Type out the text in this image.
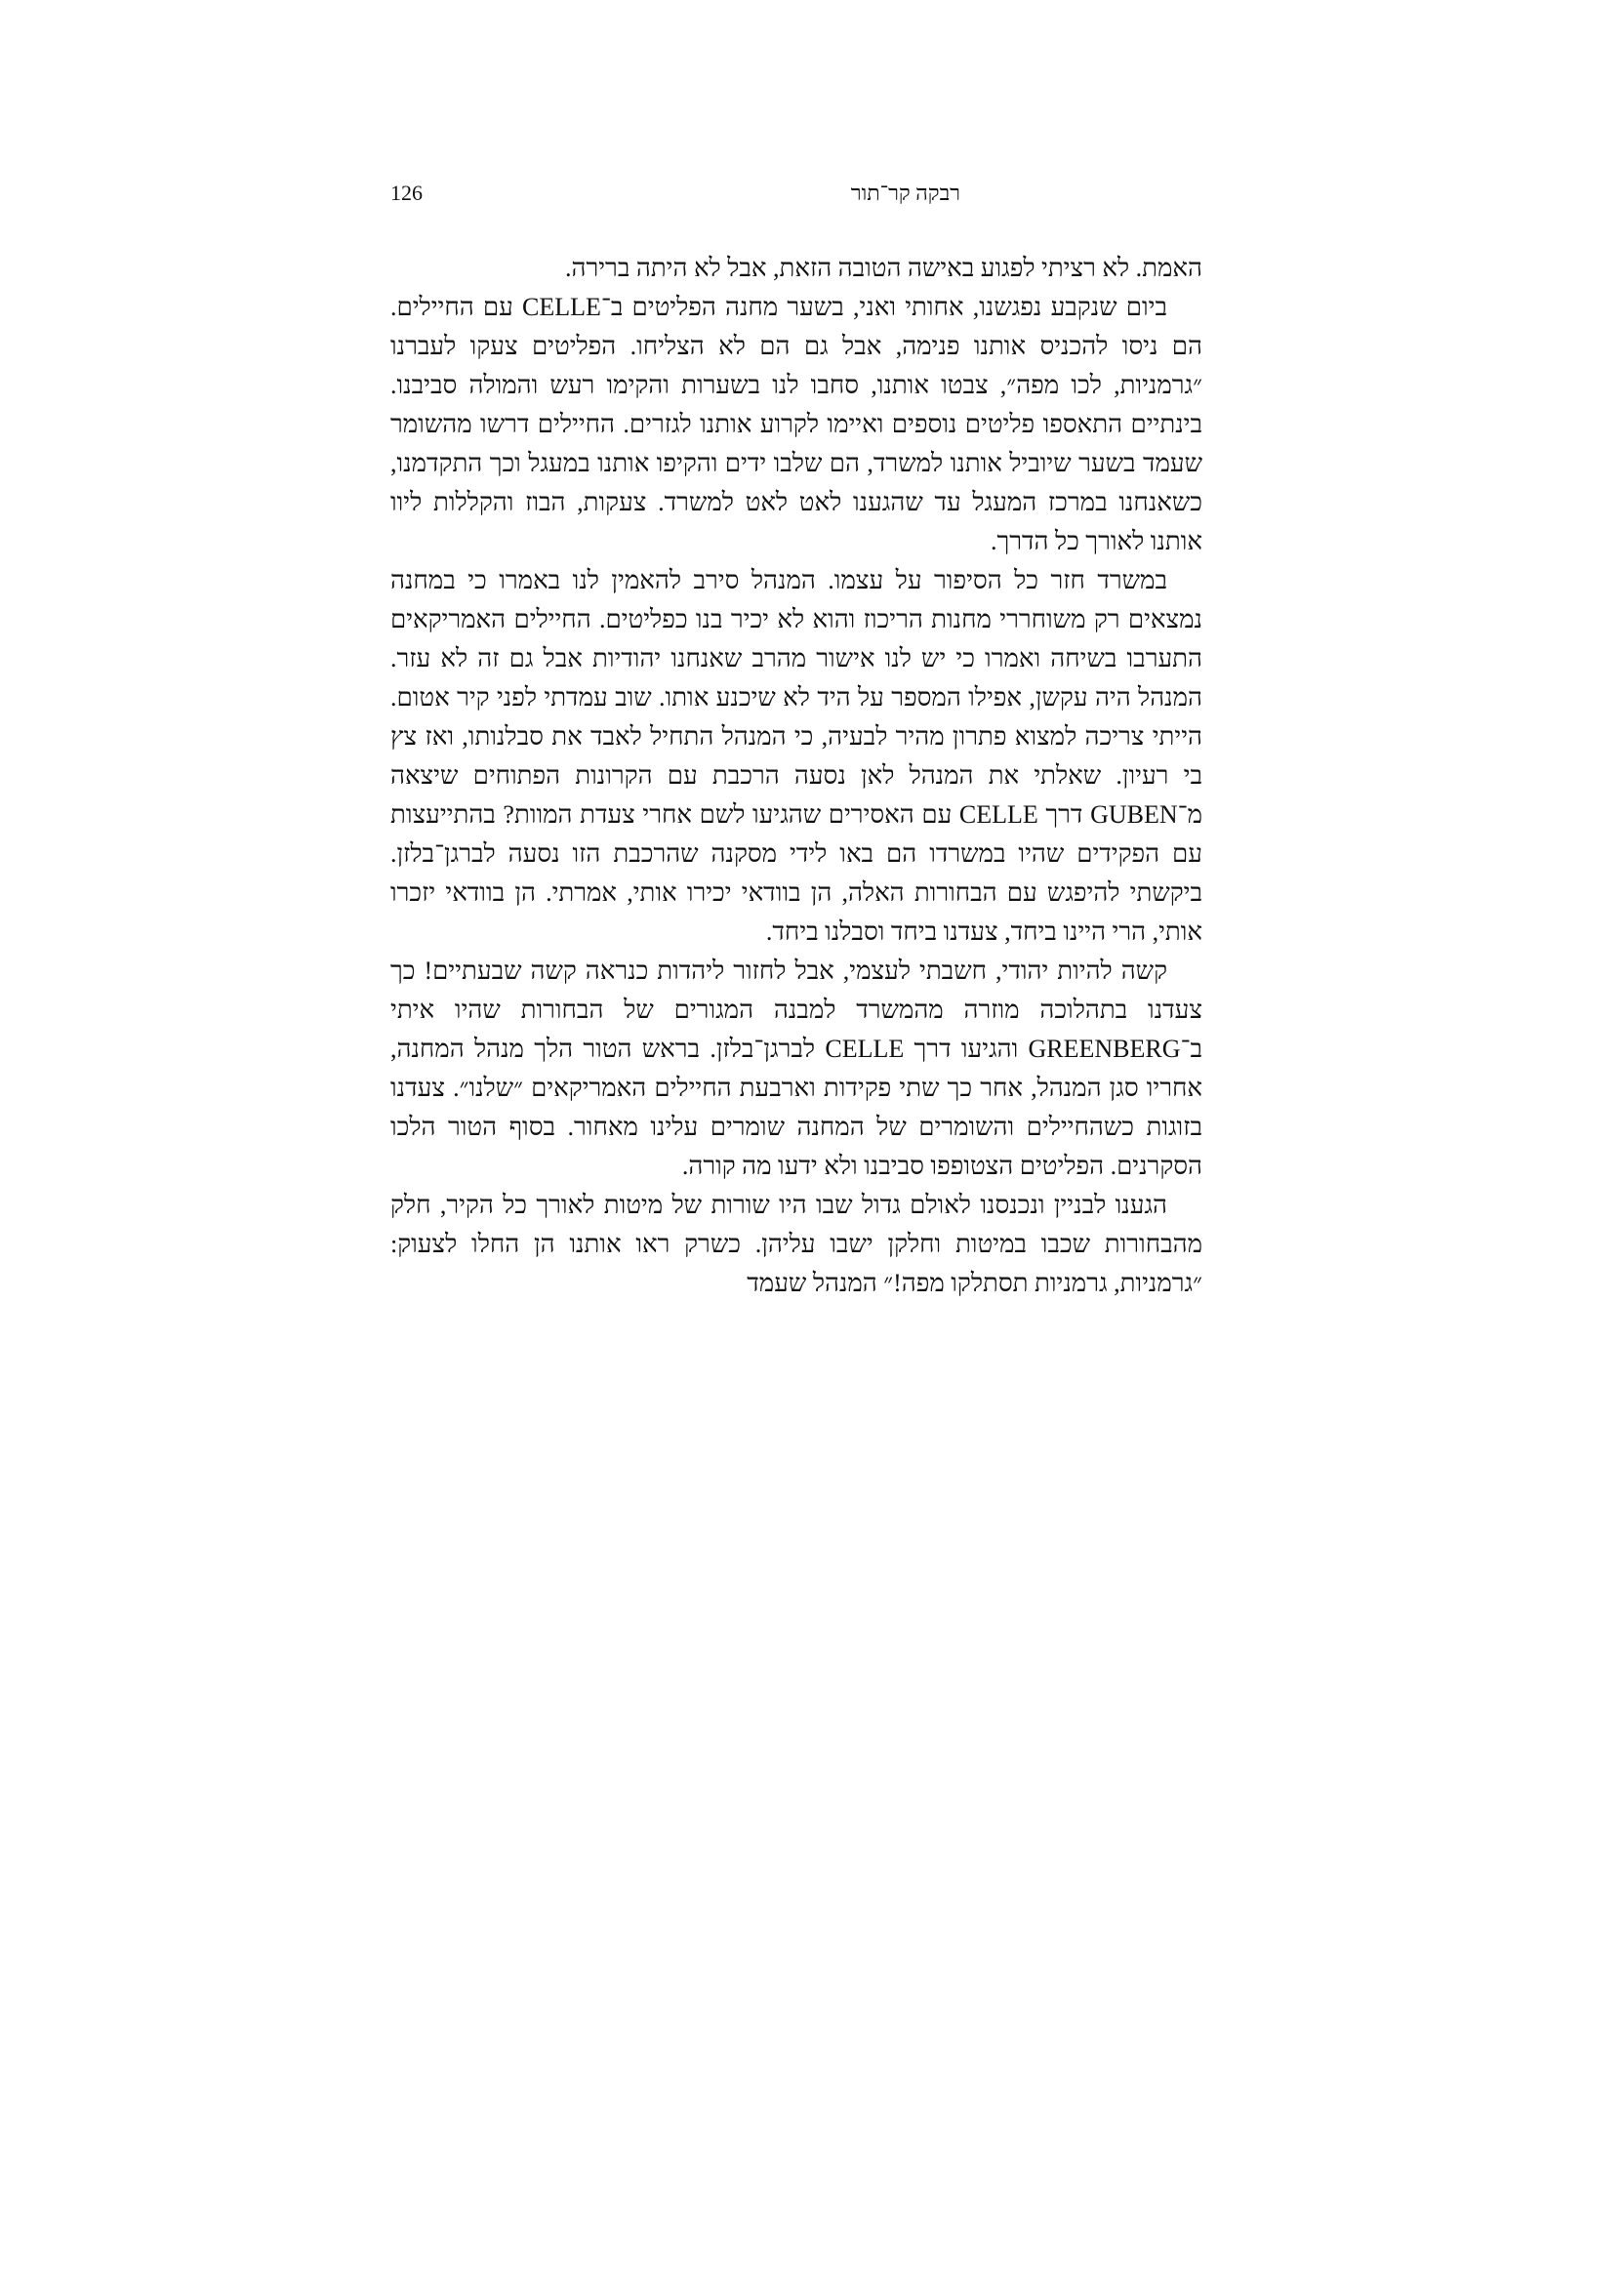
רבקה קר־תור
126

האמת. לא רציתי לפגוע באישה הטובה הזאת, אבל לא היתה ברירה.

ביום שנקבע נפגשנו, אחותי ואני, בשער מחנה הפליטים ב־CELLE עם החיילים. הם ניסו להכניס אותנו פנימה, אבל גם הם לא הצליחו. הפליטים צעקו לעברנו ״גרמניות, לכו מפה״, צבטו אותנו, סחבו לנו בשערות והקימו רעש והמולה סביבנו. בינתיים התאספו פליטים נוספים ואיימו לקרוע אותנו לגזרים. החיילים דרשו מהשומר שעמד בשער שיוביל אותנו למשרד, הם שלבו ידים והקיפו אותנו במעגל וכך התקדמנו, כשאנחנו במרכז המעגל עד שהגענו לאט לאט למשרד. צעקות, הבוז והקללות ליוו אותנו לאורך כל הדרך.

במשרד חזר כל הסיפור על עצמו. המנהל סירב להאמין לנו באמרו כי במחנה נמצאים רק משוחררי מחנות הריכוז והוא לא יכיר בנו כפליטים. החיילים האמריקאים התערבו בשיחה ואמרו כי יש לנו אישור מהרב שאנחנו יהודיות אבל גם זה לא עזר. המנהל היה עקשן, אפילו המספר על היד לא שיכנע אותו. שוב עמדתי לפני קיר אטום. הייתי צריכה למצוא פתרון מהיר לבעיה, כי המנהל התחיל לאבד את סבלנותו, ואז צץ בי רעיון. שאלתי את המנהל לאן נסעה הרכבת עם הקרונות הפתוחים שיצאה מ־GUBEN דרך CELLE עם האסירים שהגיעו לשם אחרי צעדת המוות? בהתייעצות עם הפקידים שהיו במשרדו הם באו לידי מסקנה שהרכבת הזו נסעה לברגן־בלזן. ביקשתי להיפגש עם הבחורות האלה, הן בוודאי יכירו אותי, אמרתי. הן בוודאי יזכרו אותי, הרי היינו ביחד, צעדנו ביחד וסבלנו ביחד.

קשה להיות יהודי, חשבתי לעצמי, אבל לחזור ליהדות כנראה קשה שבעתיים! כך צעדנו בתהלוכה מוזרה מהמשרד למבנה המגורים של הבחורות שהיו איתי ב־GREENBERG והגיעו דרך CELLE לברגן־בלזן. בראש הטור הלך מנהל המחנה, אחריו סגן המנהל, אחר כך שתי פקידות וארבעת החיילים האמריקאים ״שלנו״. צעדנו בזוגות כשהחיילים והשומרים של המחנה שומרים עלינו מאחור. בסוף הטור הלכו הסקרנים. הפליטים הצטופפו סביבנו ולא ידעו מה קורה.

הגענו לבניין ונכנסנו לאולם גדול שבו היו שורות של מיטות לאורך כל הקיר, חלק מהבחורות שכבו במיטות וחלקן ישבו עליהן. כשרק ראו אותנו הן החלו לצעוק: ״גרמניות, גרמניות תסתלקו מפה!״ המנהל שעמד
